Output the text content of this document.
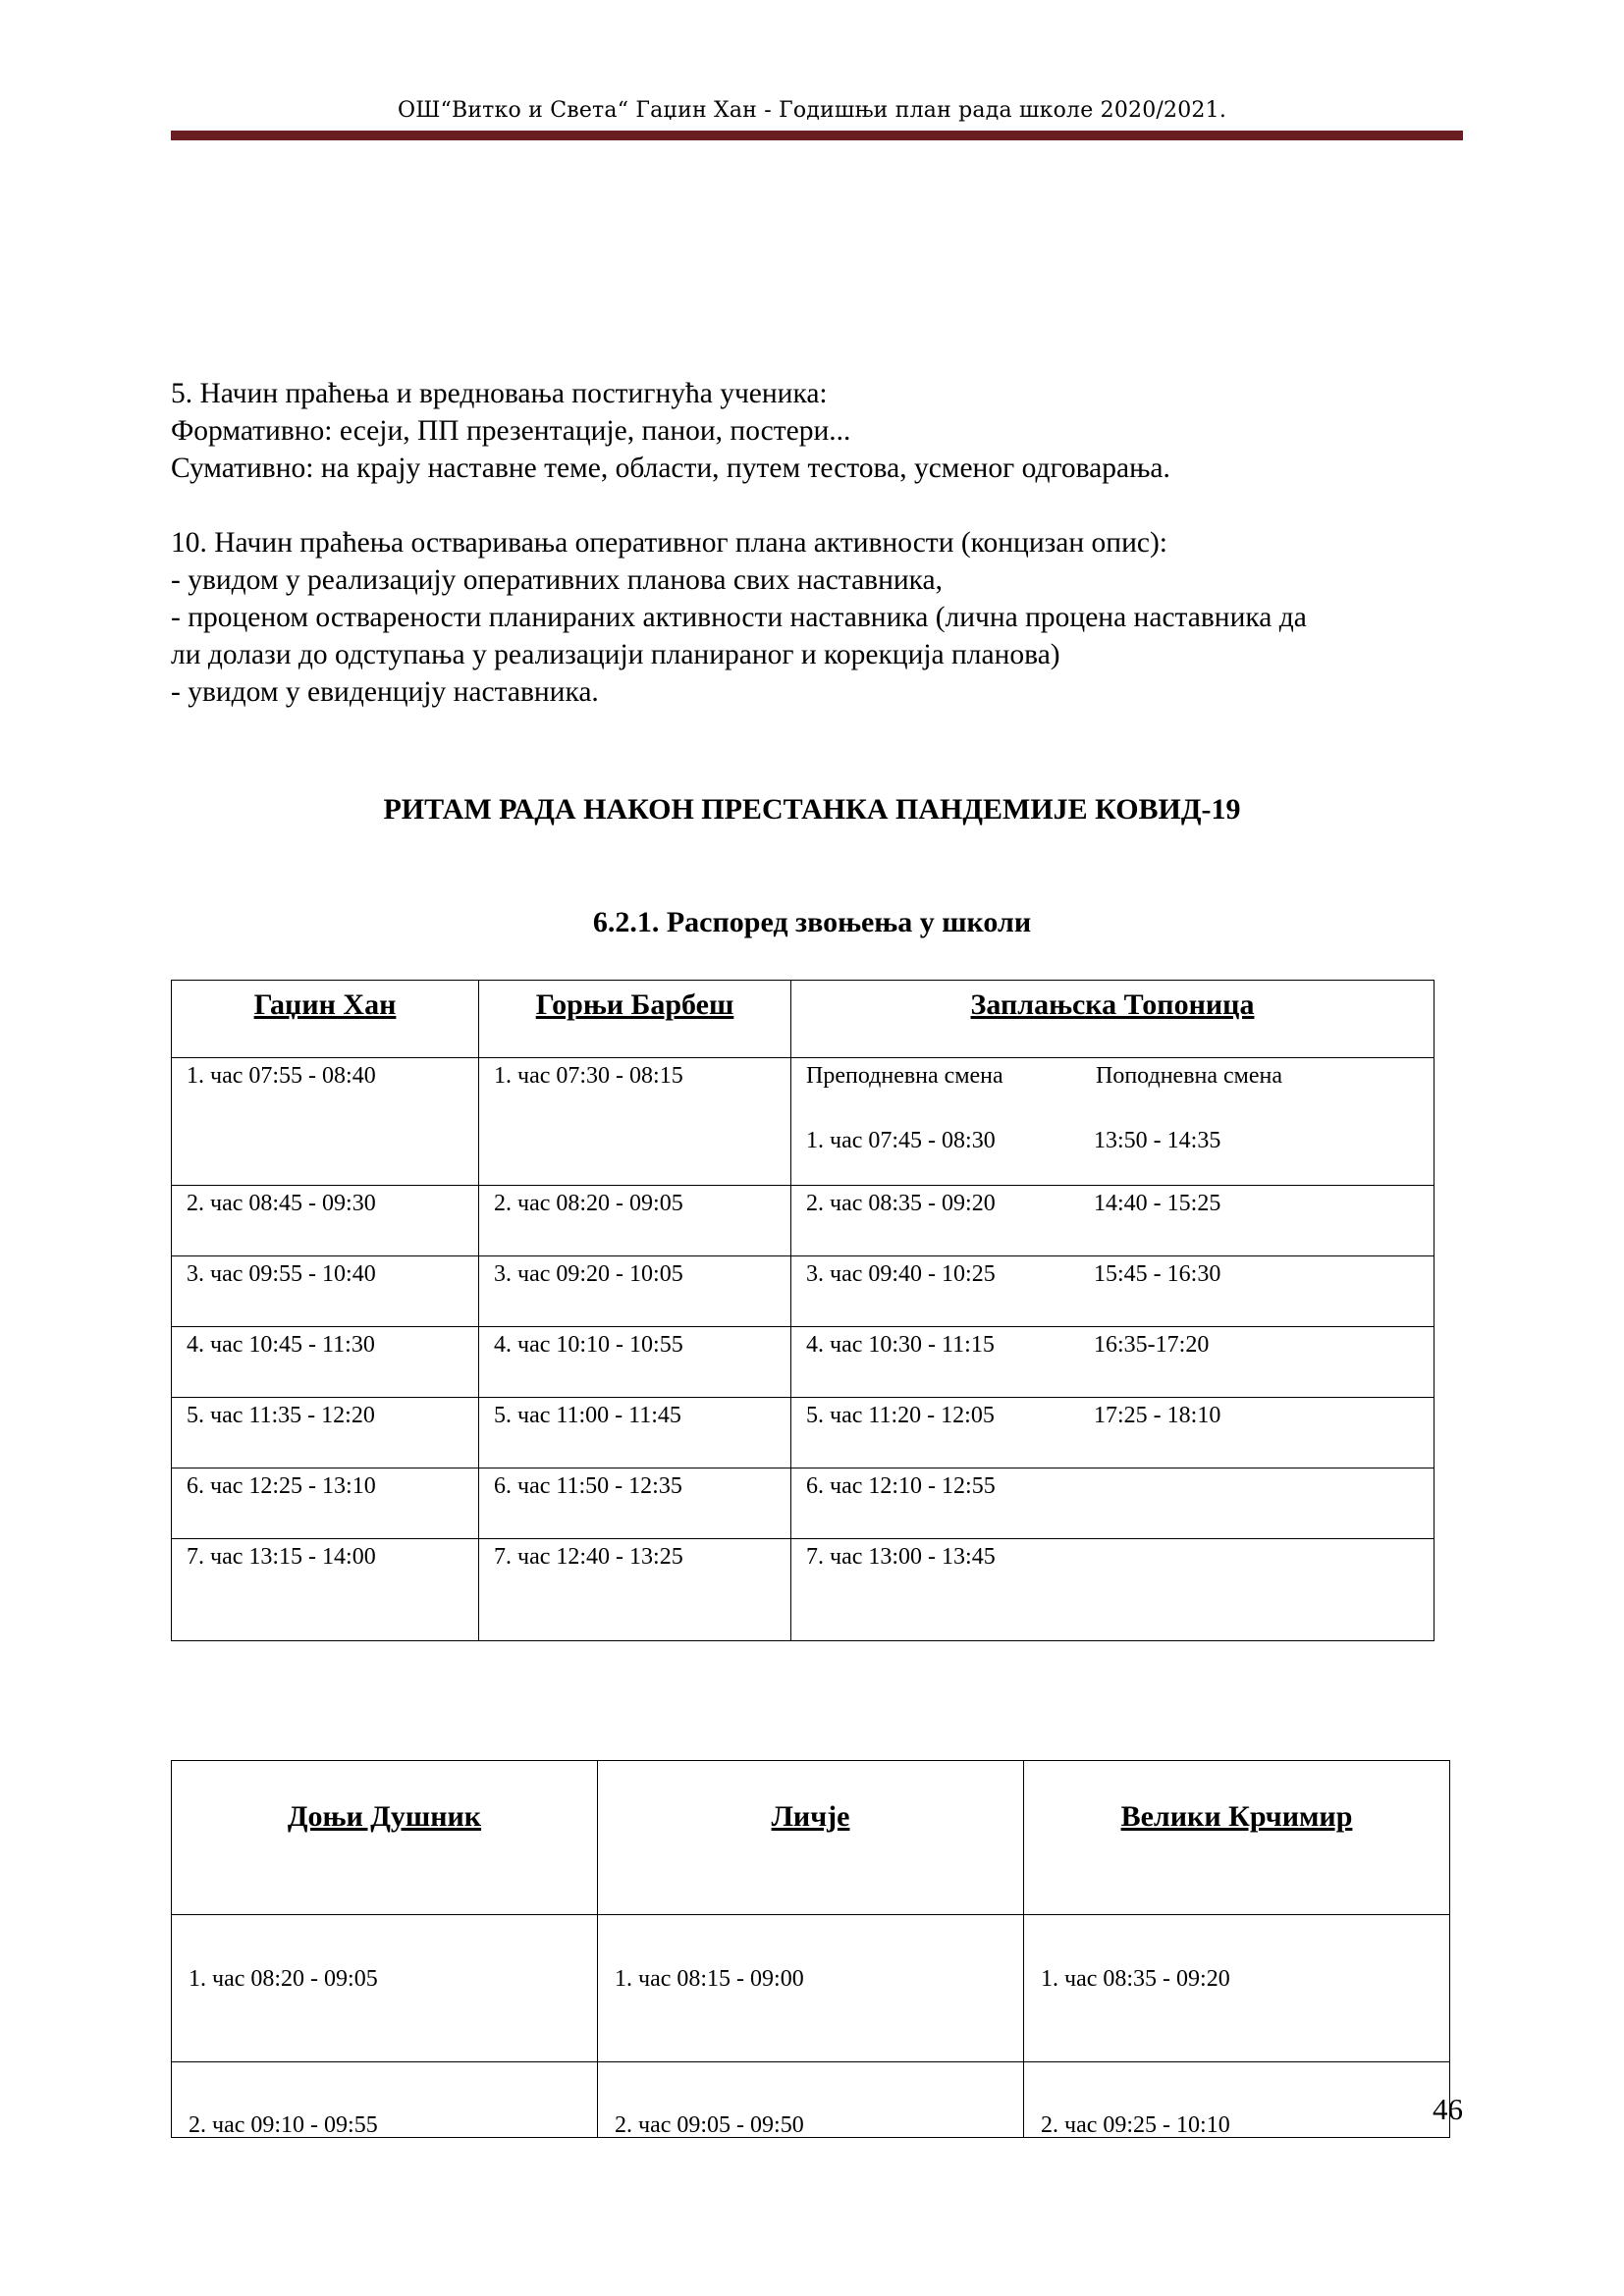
ОШ“Витко и Света“ Гаџин Хан - Годишњи план рада школе 2020/2021.
5. Начин праћења и вредновања постигнућа ученика:
Формативно: есеји, ПП презентације, панои, постери...
Сумативно: на крају наставне теме, области, путем тестова, усменог одговарања.
10. Начин праћења остваривања оперативног плана активности (концизан опис):
- увидом у реализацију оперативних планова свих наставника,
- проценом остварености планираних активности наставника (лична процена наставника да
ли долази до одступања у реализацији планираног и корекција планова)
- увидом у евиденцију наставника.
РИТАМ РАДА НАКОН ПРЕСТАНКА ПАНДЕМИЈЕ КОВИД-19
6.2.1. Распоред звоњења у школи
Гаџин Хан	Горњи Барбеш	Заплањска Топоница

1. час 07:55 - 08:40	1. час 07:30 - 08:15	Преподневна смена Поподневна смена
1. час 07:45 - 08:30 13:50 - 14:35

2. час 08:45 - 09:30	2. час 08:20 - 09:05	2. час 08:35 - 09:20 14:40 - 15:25

3. час 09:55 - 10:40	3. час 09:20 - 10:05	3. час 09:40 - 10:25 15:45 - 16:30

4. час 10:45 - 11:30	4. час 10:10 - 10:55	4. час 10:30 - 11:15 16:35-17:20

5. час 11:35 - 12:20	5. час 11:00 - 11:45	5. час 11:20 - 12:05 17:25 - 18:10

6. час 12:25 - 13:10	6. час 11:50 - 12:35	6. час 12:10 - 12:55

7. час 13:15 - 14:00	7. час 12:40 - 13:25	7. час 13:00 - 13:45
Доњи Душник	Личје	Велики Крчимир

1. час 08:20 - 09:05	1. час 08:15 - 09:00	1. час 08:35 - 09:20

2. час 09:10 - 09:55	2. час 09:05 - 09:50	2. час 09:25 - 10:10	46
